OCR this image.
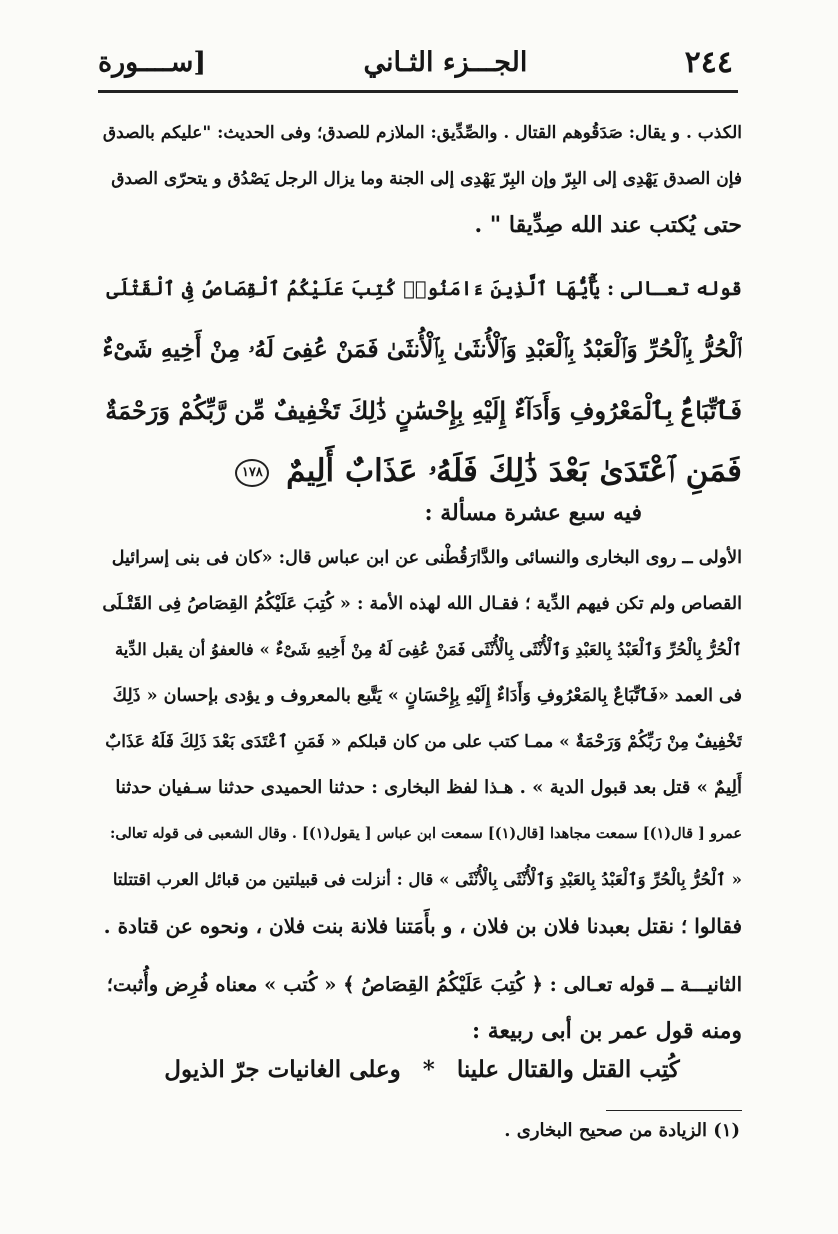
٢٤٤
الجـــزء الثـاني
[ســــورة
الكذب . و يقال: صَدَقُوهم القتال . والصِّدِّيق: الملازم للصدق؛ وفى الحديث: "عليكم بالصدق
فإن الصدق يَهْدِى إلى البِرّ وإن البِرّ يَهْدِى إلى الجنة وما يزال الرجل يَصْدُق و يتحرّى الصدق
حتى يُكتب عند الله صِدِّيقا " .
قوله تعـالى : يَٰٓأَيُّهَا ٱلَّذِينَ ءَامَنُوا۟ كُتِبَ عَلَيْكُمُ ٱلْقِصَاصُ فِى ٱلْقَتْلَى
ٱلْحُرُّ بِٱلْحُرِّ وَٱلْعَبْدُ بِٱلْعَبْدِ وَٱلْأُنثَىٰ بِٱلْأُنثَىٰ فَمَنْ عُفِىَ لَهُۥ مِنْ أَخِيهِ شَىْءٌ
فَٱتِّبَاعٌۢ بِٱلْمَعْرُوفِ وَأَدَآءٌ إِلَيْهِ بِإِحْسَٰنٍ ذَٰلِكَ تَخْفِيفٌ مِّن رَّبِّكُمْ وَرَحْمَةٌ
فَمَنِ ٱعْتَدَىٰ بَعْدَ ذَٰلِكَ فَلَهُۥ عَذَابٌ أَلِيمٌ ١٧٨
فيه سبع عشرة مسألة :
الأولى ــ روى البخارى والنسائى والدَّارَقُطْنى عن ابن عباس قال: «كان فى بنى إسرائيل
القصاص ولم تكن فيهم الدِّية ؛ فقـال الله لهذه الأمة : « كُتِبَ عَلَيْكُمُ القِصَاصُ فِى القَتْـلَى
ٱلْحُرُّ بِالْحُرِّ وَٱلْعَبْدُ بِالعَبْدِ وَٱلْأُنْثَى بِالْأُنْثَى فَمَنْ عُفِىَ لَهُ مِنْ أَخِيهِ شَىْءٌ » فالعفوُ أن يقبل الدِّية
فى العمد «فَٱتِّبَاعٌ بِالمَعْرُوفِ وَأَدَاءٌ إِلَيْهِ بِإِحْسَانٍ » يَتَّبع بالمعروف و يؤدى بإحسان « ذَلِكَ
تَخْفِيفٌ مِنْ رَبِّكُمْ وَرَحْمَةٌ » ممـا كتب على من كان قبلكم « فَمَنِ ٱعْتَدَى بَعْدَ ذَلِكَ فَلَهُ عَذَابٌ
أَلِيمٌ » قتل بعد قبول الدية » . هـذا لفظ البخارى : حدثنا الحميدى حدثنا سـفيان حدثنا
عمرو [ قال(١)] سمعت مجاهدا [قال(١)] سمعت ابن عباس [ يقول(١)] . وقال الشعبى فى قوله تعالى:
« ٱلْحُرُّ بِالْحُرِّ وَٱلْعَبْدُ بِالعَبْدِ وَٱلْأُنْثَى بِالْأُنْثَى » قال : أنزلت فى قبيلتين من قبائل العرب اقتتلتا
فقالوا ؛ نقتل بعبدنا فلان بن فلان ، و بأَمَتنا فلانة بنت فلان ، ونحوه عن قتادة .
الثانيـــة ــ قوله تعـالى : ﴿ كُتِبَ عَلَيْكُمُ القِصَاصُ ﴾ « كُتب » معناه فُرِض وأُثبت؛
ومنه قول عمر بن أبى ربيعة :
كُتِب القتل والقتال علينا * وعلى الغانيات جرّ الذيول
(١) الزيادة من صحيح البخارى .
